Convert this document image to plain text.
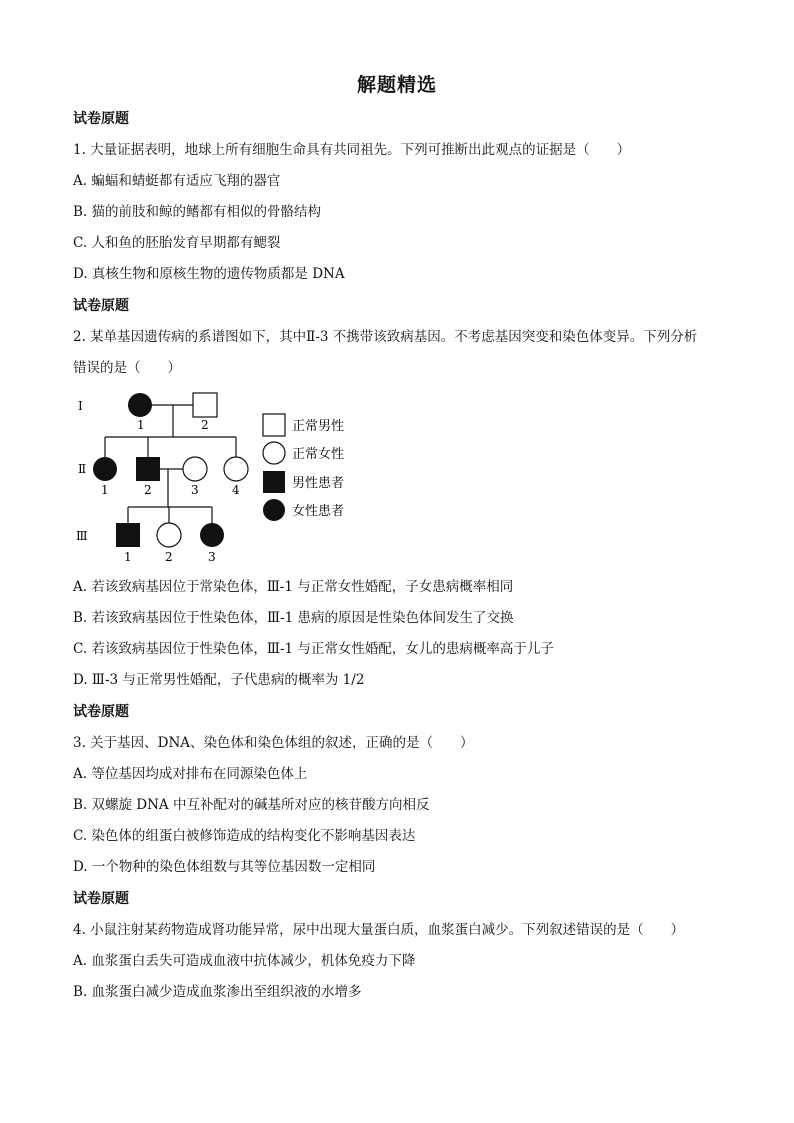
解题精选
试卷原题
1. 大量证据表明，地球上所有细胞生命具有共同祖先。下列可推断出此观点的证据是（　　）
A. 蝙蝠和蜻蜓都有适应飞翔的器官
B. 猫的前肢和鲸的鳍都有相似的骨骼结构
C. 人和鱼的胚胎发育早期都有鳃裂
D. 真核生物和原核生物的遗传物质都是 DNA
试卷原题
2. 某单基因遗传病的系谱图如下，其中Ⅱ-3 不携带该致病基因。不考虑基因突变和染色体变异。下列分析
错误的是（　　）
Ⅰ
Ⅱ
Ⅲ
1	2
1	2	3	4
1	2	3
正常男性
正常女性
男性患者
女性患者
A. 若该致病基因位于常染色体，Ⅲ-1 与正常女性婚配，子女患病概率相同
B. 若该致病基因位于性染色体，Ⅲ-1 患病的原因是性染色体间发生了交换
C. 若该致病基因位于性染色体，Ⅲ-1 与正常女性婚配，女儿的患病概率高于儿子
D. Ⅲ-3 与正常男性婚配，子代患病的概率为 1/2
试卷原题
3. 关于基因、DNA、染色体和染色体组的叙述，正确的是（　　）
A. 等位基因均成对排布在同源染色体上
B. 双螺旋 DNA 中互补配对的碱基所对应的核苷酸方向相反
C. 染色体的组蛋白被修饰造成的结构变化不影响基因表达
D. 一个物种的染色体组数与其等位基因数一定相同
试卷原题
4. 小鼠注射某药物造成肾功能异常，尿中出现大量蛋白质，血浆蛋白减少。下列叙述错误的是（　　）
A. 血浆蛋白丢失可造成血液中抗体减少，机体免疫力下降
B. 血浆蛋白减少造成血浆渗出至组织液的水增多
